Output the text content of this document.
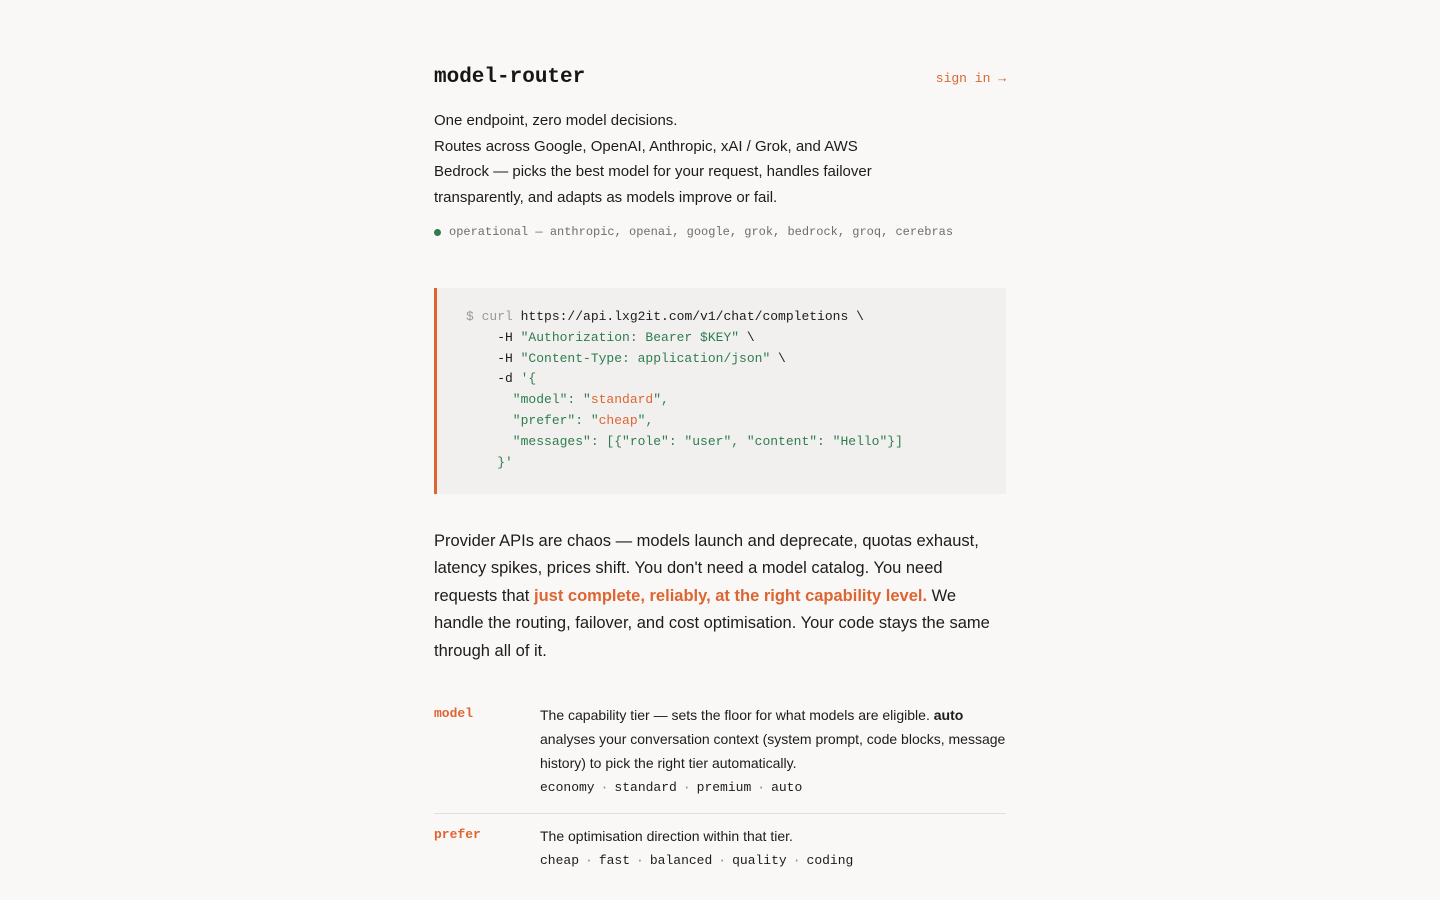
model-router	sign in →

One endpoint, zero model decisions.

Routes across Google, OpenAI, Anthropic, xAI / Grok, and AWS Bedrock — picks the best model for your request, handles failover transparently, and adapts as models improve or fail.

operational — anthropic, openai, google, grok, bedrock, groq, cerebras
$ curl https://api.lxg2it.com/v1/chat/completions \
-H "Authorization: Bearer $KEY" \
-H "Content-Type: application/json" \
-d '{
"model": "standard",
"prefer": "cheap",
"messages": [{"role": "user", "content": "Hello"}]
}'
Provider APIs are chaos — models launch and deprecate, quotas exhaust, latency spikes, prices shift. You don't need a model catalog. You need requests that just complete, reliably, at the right capability level. We handle the routing, failover, and cost optimisation. Your code stays the same through all of it.
model	The capability tier — sets the floor for what models are eligible. auto analyses your conversation context (system prompt, code blocks, message history) to pick the right tier automatically.
economy · standard · premium · auto
prefer	The optimisation direction within that tier.
cheap · fast · balanced · quality · coding
